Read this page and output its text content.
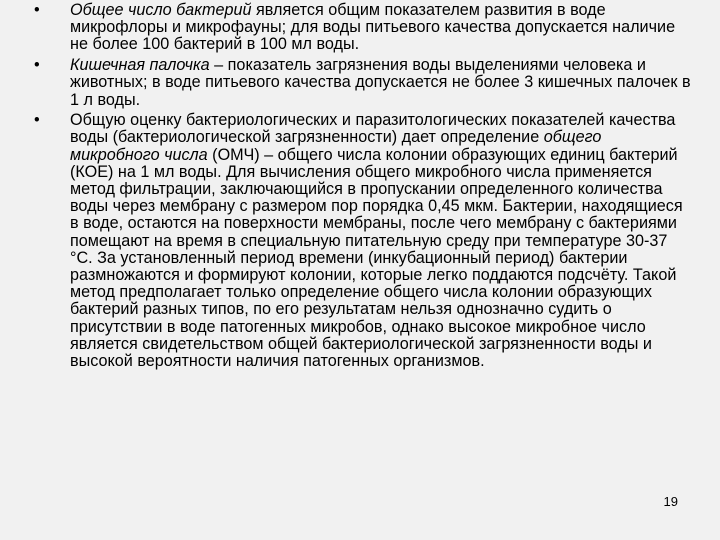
•	Общее число бактерий является общим показателем развития в воде микрофлоры и микрофауны; для воды питьевого качества допускается наличие не более 100 бактерий в 100 мл воды.
•	Кишечная палочка – показатель загрязнения воды выделениями человека и животных; в воде питьевого качества допускается не более 3 кишечных палочек в 1 л воды.
•	Общую оценку бактериологических и паразитологических показателей качества воды (бактериологической загрязненности) дает определение общего микробного числа (ОМЧ) – общего числа колонии образующих единиц бактерий (КОЕ) на 1 мл воды. Для вычисления общего микробного числа применяется метод фильтрации, заключающийся в пропускании определенного количества воды через мембрану с размером пор порядка 0,45 мкм. Бактерии, находящиеся в воде, остаются на поверхности мембраны, после чего мембрану с бактериями помещают на время в специальную питательную среду при температуре 30-37 °С. За установленный период времени (инкубационный период) бактерии размножаются и формируют колонии, которые легко поддаются подсчёту. Такой метод предполагает только определение общего числа колонии образующих бактерий разных типов, по его результатам нельзя однозначно судить о присутствии в воде патогенных микробов, однако высокое микробное число является свидетельством общей бактериологической загрязненности воды и высокой вероятности наличия патогенных организмов.
19
